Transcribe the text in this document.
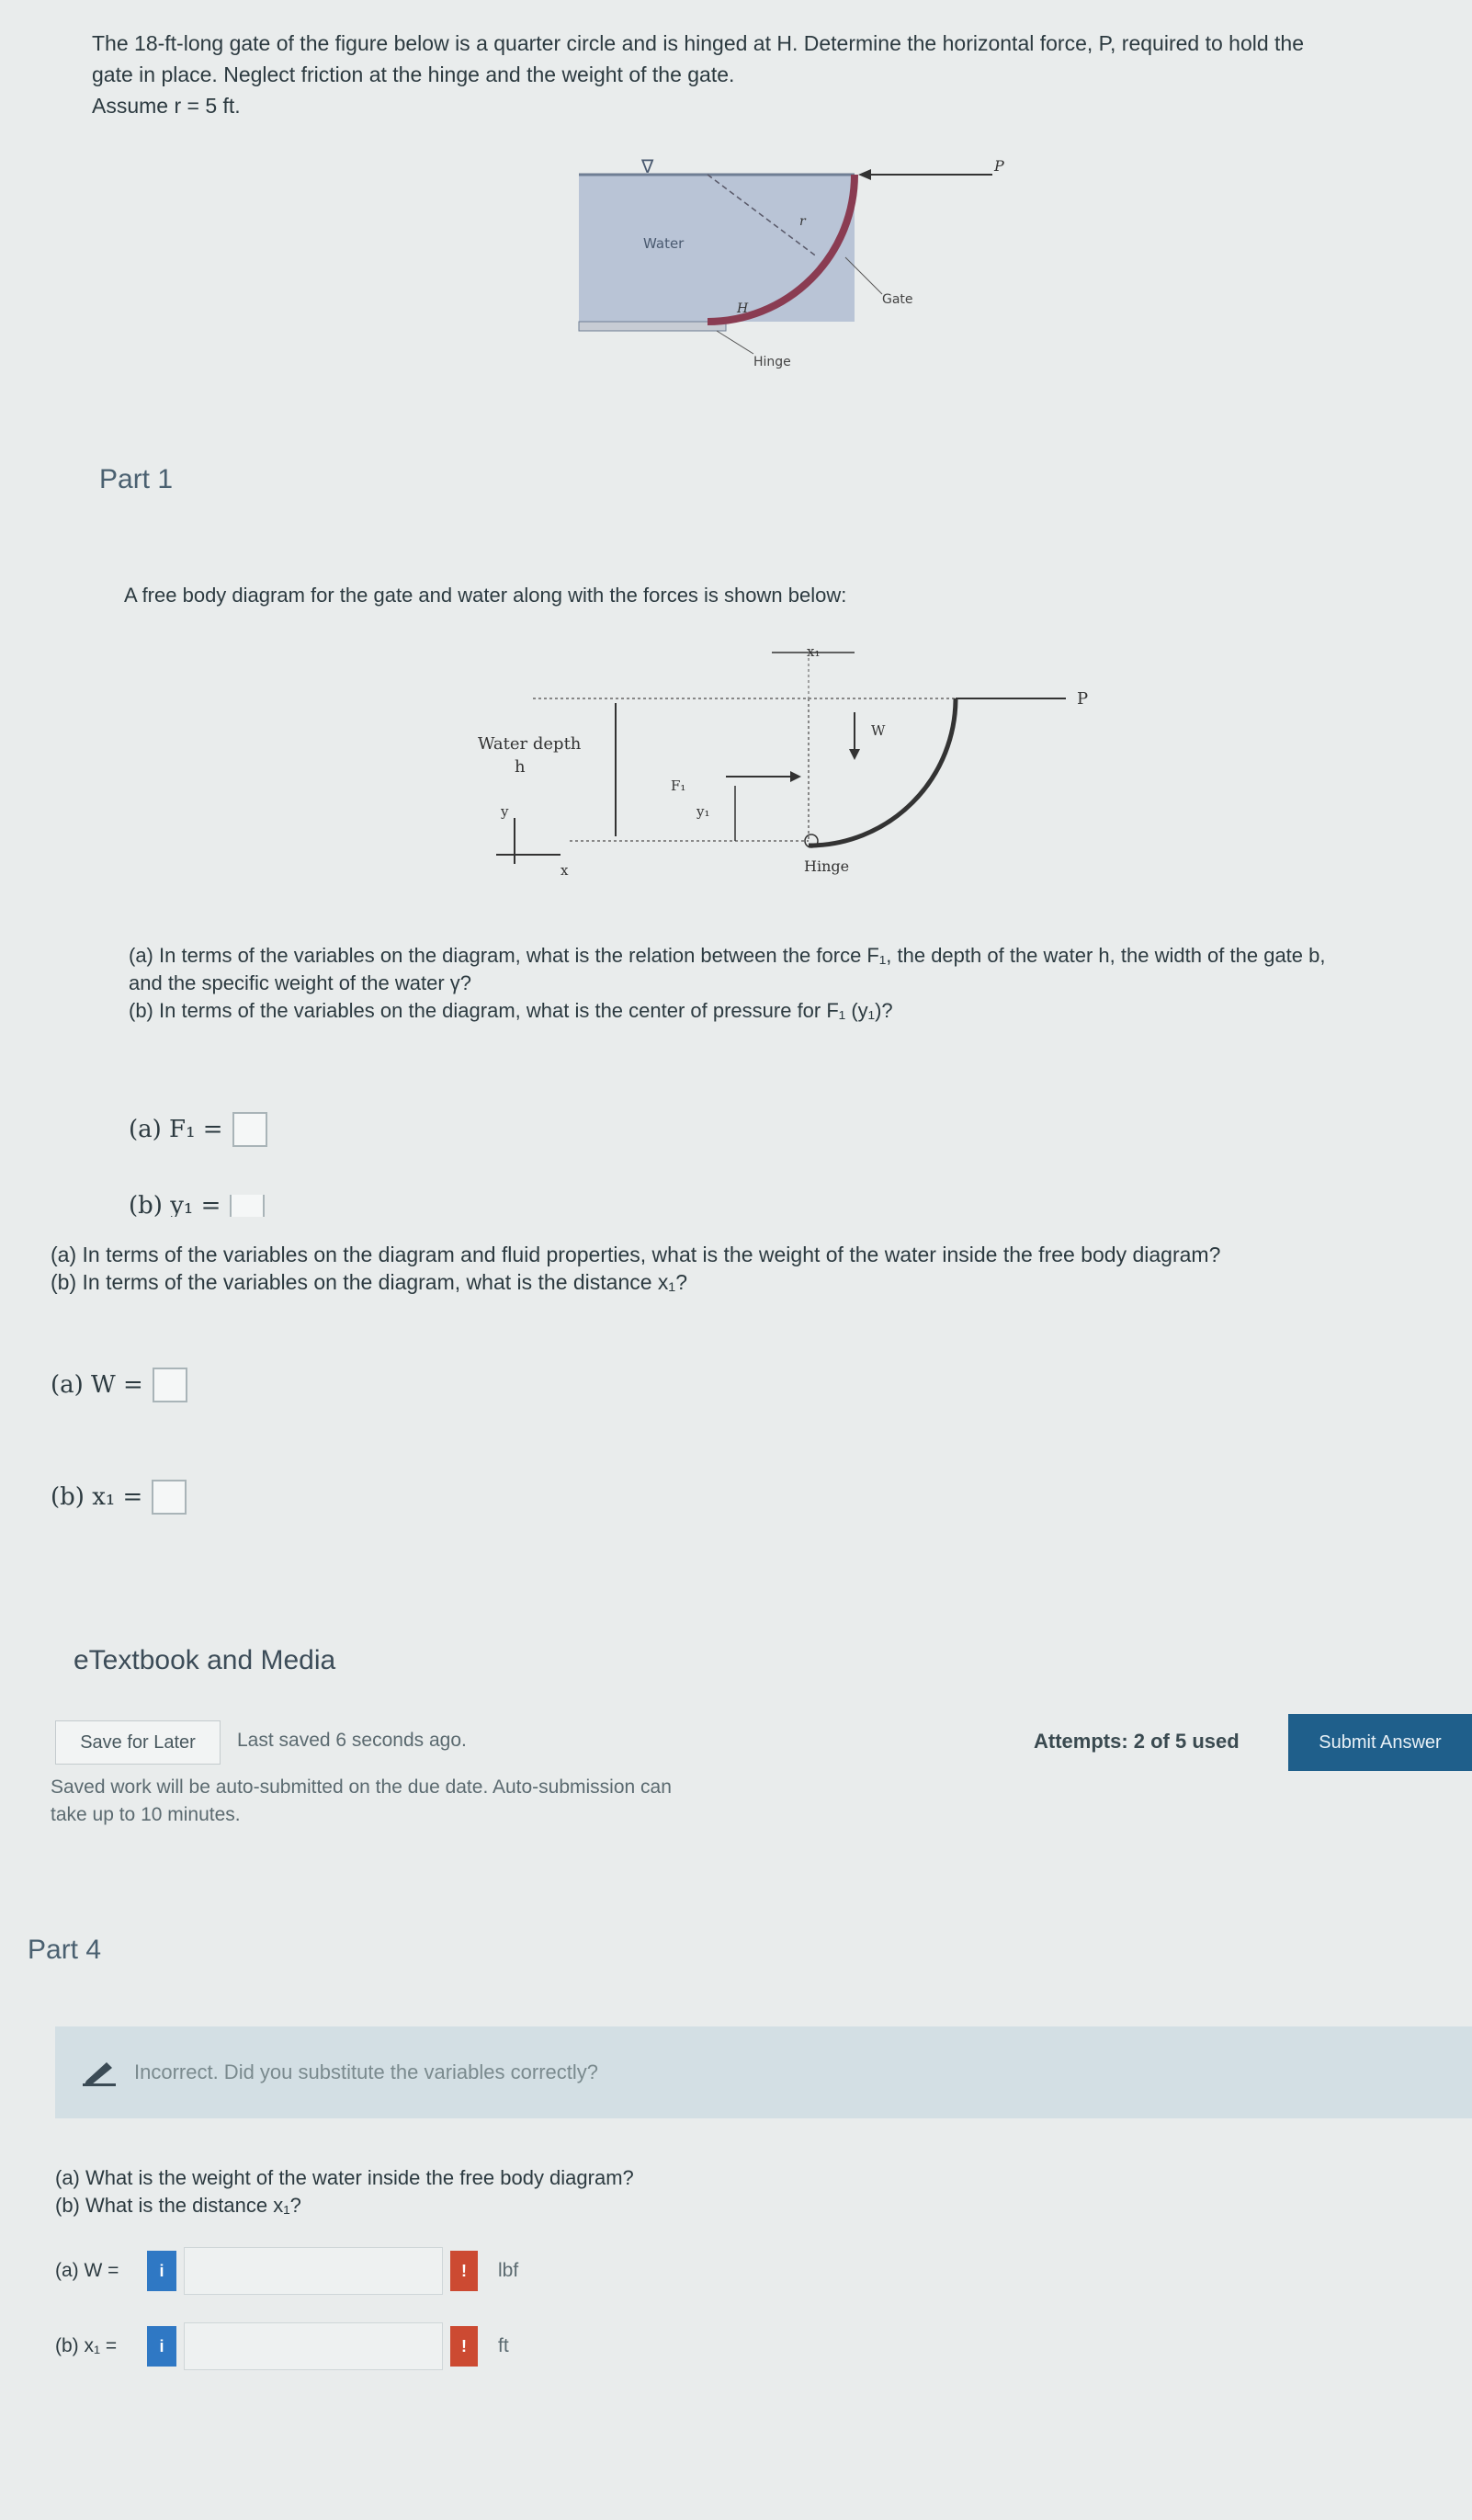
The 18-ft-long gate of the figure below is a quarter circle and is hinged at H. Determine the horizontal force, P, required to hold the

gate in place. Neglect friction at the hinge and the weight of the gate.

Assume r = 5 ft.

∇	P
Water
r
H
Gate
Hinge
Part 1
A free body diagram for the gate and water along with the forces is shown below:
P
Water depth
h
y
x
F₁
y₁
x₁
W
Hinge
(a) In terms of the variables on the diagram, what is the relation between the force F₁, the depth of the water h, the width of the gate b,
and the specific weight of the water γ?
(b) In terms of the variables on the diagram, what is the center of pressure for F₁ (y₁)?
(a) F₁ =
(b) y₁ =
(a) In terms of the variables on the diagram and fluid properties, what is the weight of the water inside the free body diagram?
(b) In terms of the variables on the diagram, what is the distance x₁?
(a) W =
(b) x₁ =
eTextbook and Media
Save for Later	Last saved 6 seconds ago.	Attempts: 2 of 5 used	Submit Answer
Saved work will be auto-submitted on the due date. Auto-submission can take up to 10 minutes.
Part 4
Incorrect. Did you substitute the variables correctly?
(a) What is the weight of the water inside the free body diagram?
(b) What is the distance x₁?
(a) W =	i	!	lbf
(b) x₁ =	i	!	ft
